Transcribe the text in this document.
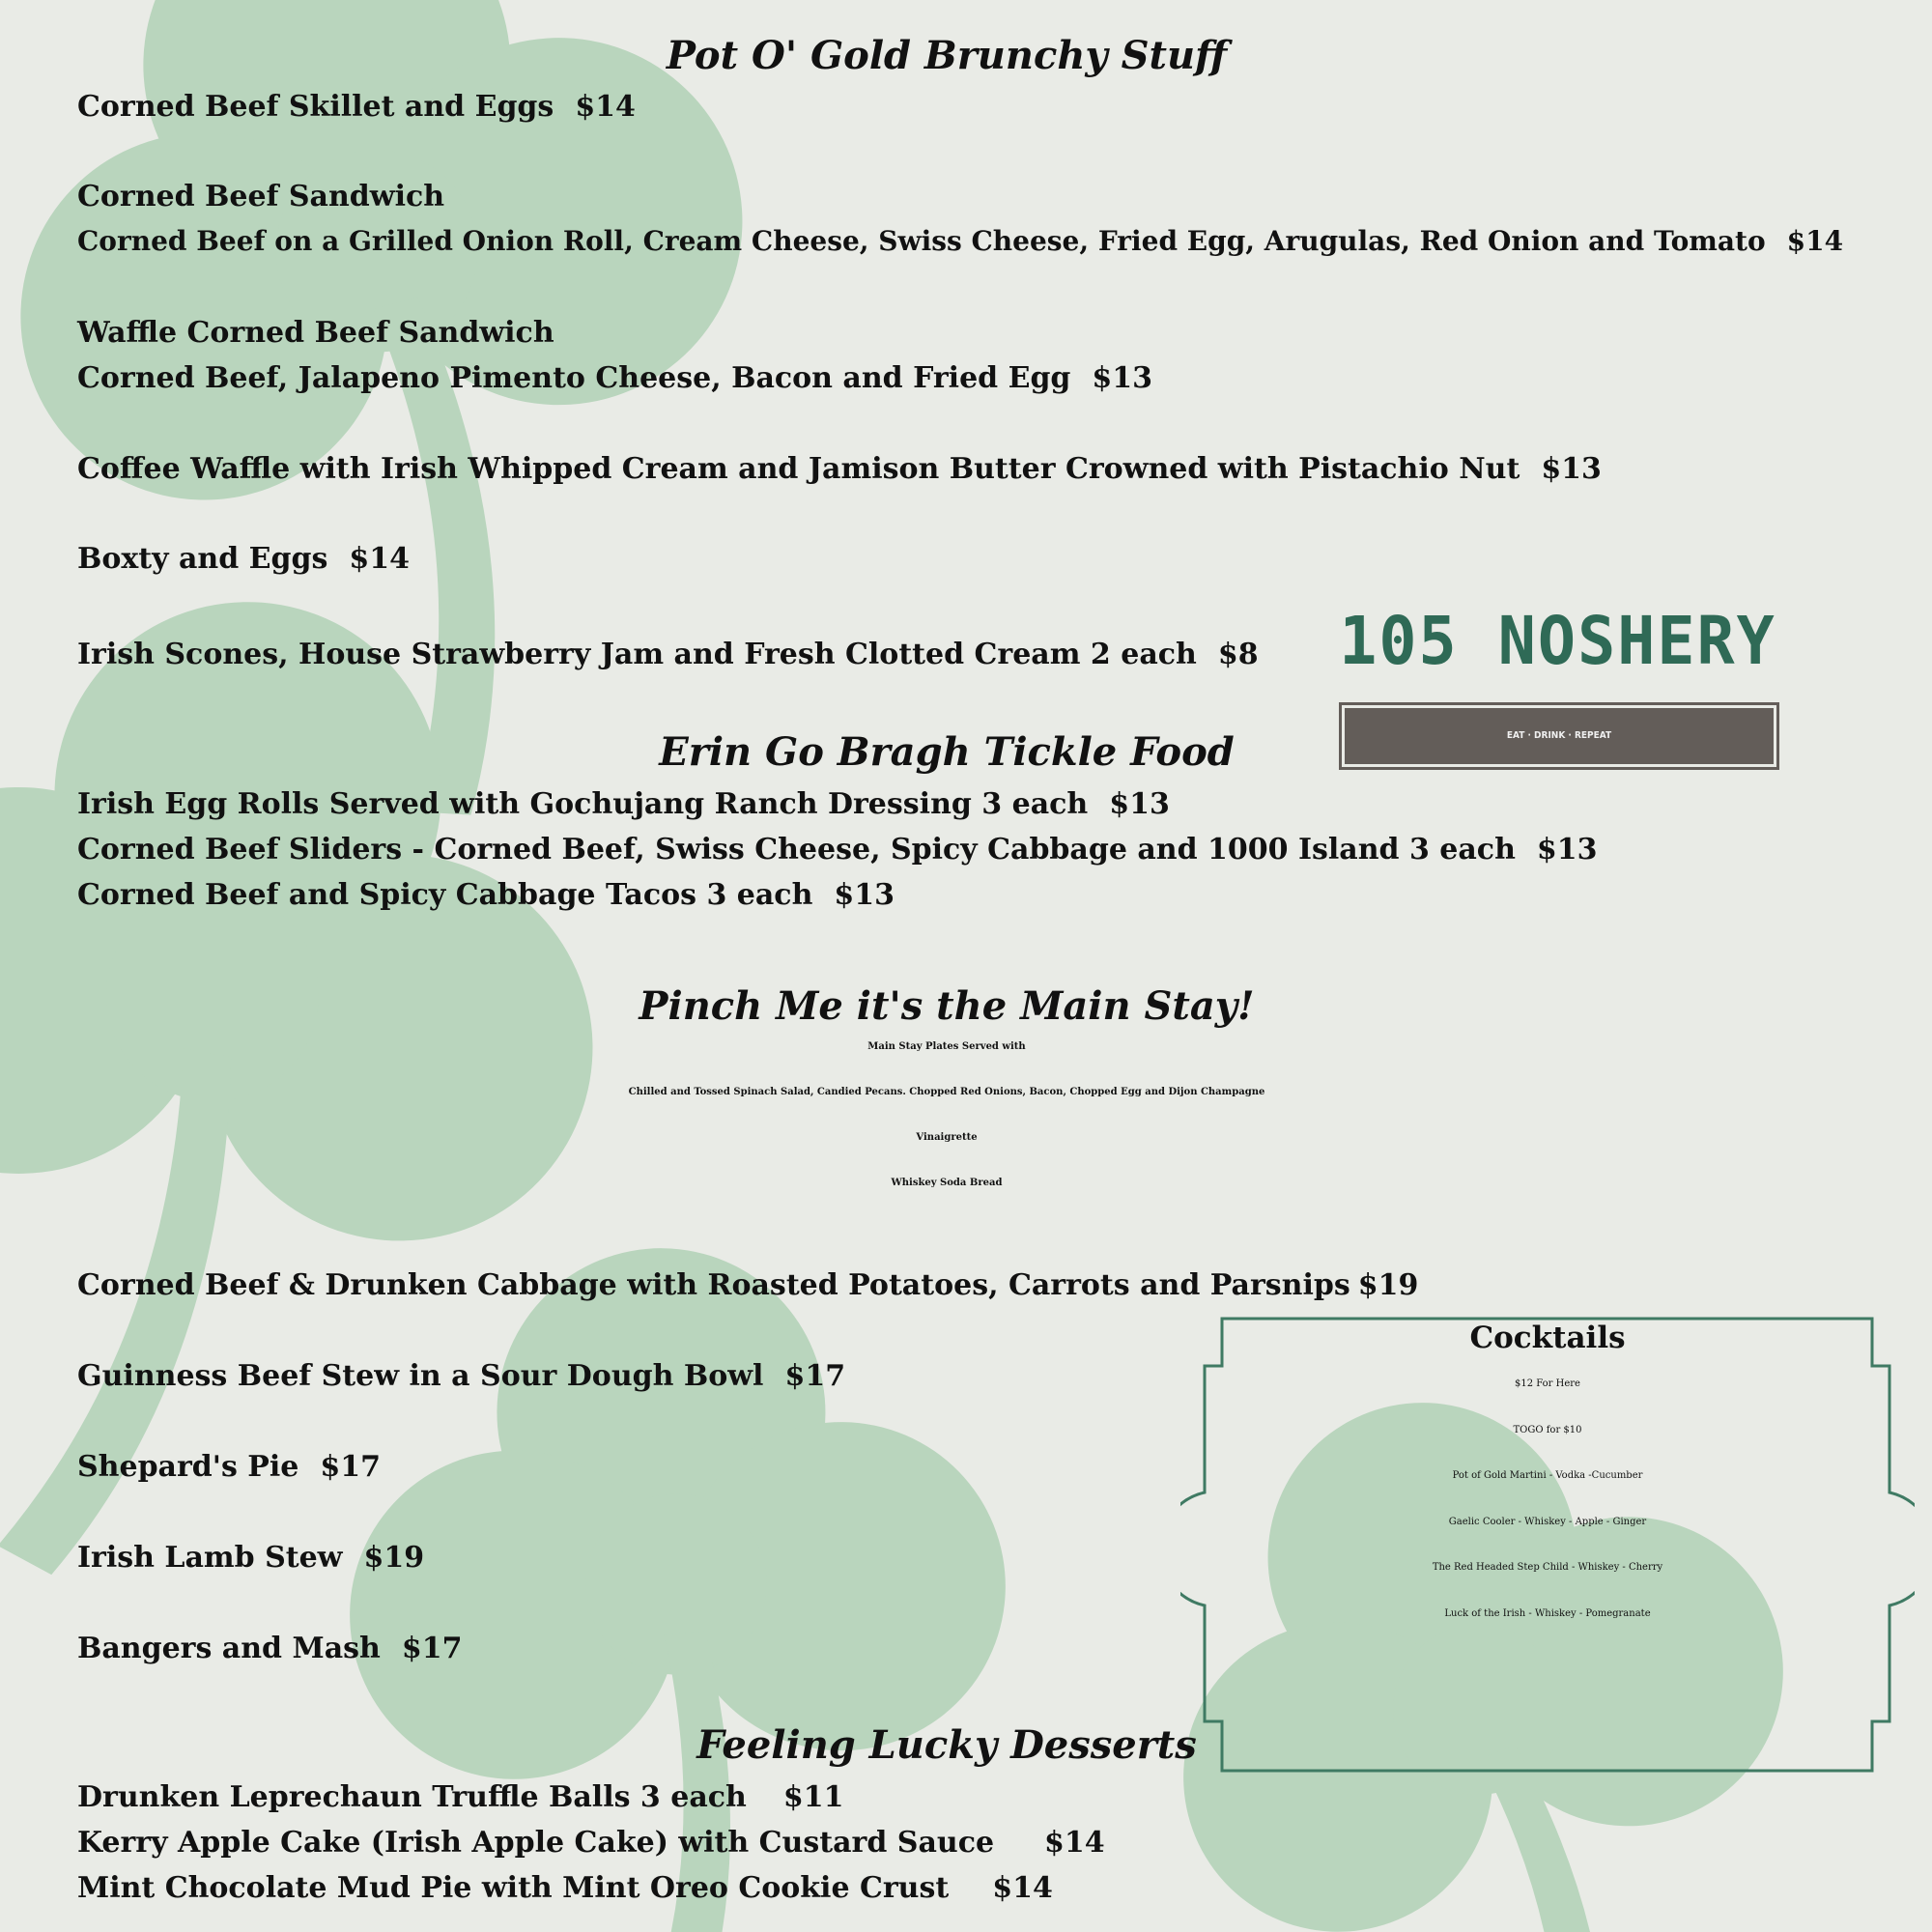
Pot O' Gold Brunchy Stuff

Corned Beef Skillet and Eggs $14

Corned Beef Sandwich

Corned Beef on a Grilled Onion Roll, Cream Cheese, Swiss Cheese, Fried Egg, Arugulas, Red Onion and Tomato $14

Waffle Corned Beef Sandwich

Corned Beef, Jalapeno Pimento Cheese, Bacon and Fried Egg $13

Coffee Waffle with Irish Whipped Cream and Jamison Butter Crowned with Pistachio Nut $13

Boxty and Eggs $14

Irish Scones, House Strawberry Jam and Fresh Clotted Cream 2 each $8 105 NOSHERY
EAT · DRINK · REPEAT
Erin Go Bragh Tickle Food

Irish Egg Rolls Served with Gochujang Ranch Dressing 3 each $13

Corned Beef Sliders - Corned Beef, Swiss Cheese, Spicy Cabbage and 1000 Island 3 each $13

Corned Beef and Spicy Cabbage Tacos 3 each $13

Pinch Me it's the Main Stay!

Main Stay Plates Served with

Chilled and Tossed Spinach Salad, Candied Pecans. Chopped Red Onions, Bacon, Chopped Egg and Dijon Champagne

Vinaigrette

Whiskey Soda Bread

Corned Beef & Drunken Cabbage with Roasted Potatoes, Carrots and Parsnips $19

Guinness Beef Stew in a Sour Dough Bowl $17

Shepard's Pie $17

Irish Lamb Stew $19

Bangers and Mash $17

Cocktails

$12 For Here

TOGO for $10

Pot of Gold Martini - Vodka -Cucumber

Gaelic Cooler - Whiskey - Apple - Ginger

The Red Headed Step Child - Whiskey - Cherry

Luck of the Irish - Whiskey - Pomegranate

Feeling Lucky Desserts

Drunken Leprechaun Truffle Balls 3 each $11

Kerry Apple Cake (Irish Apple Cake) with Custard Sauce $14

Mint Chocolate Mud Pie with Mint Oreo Cookie Crust $14
